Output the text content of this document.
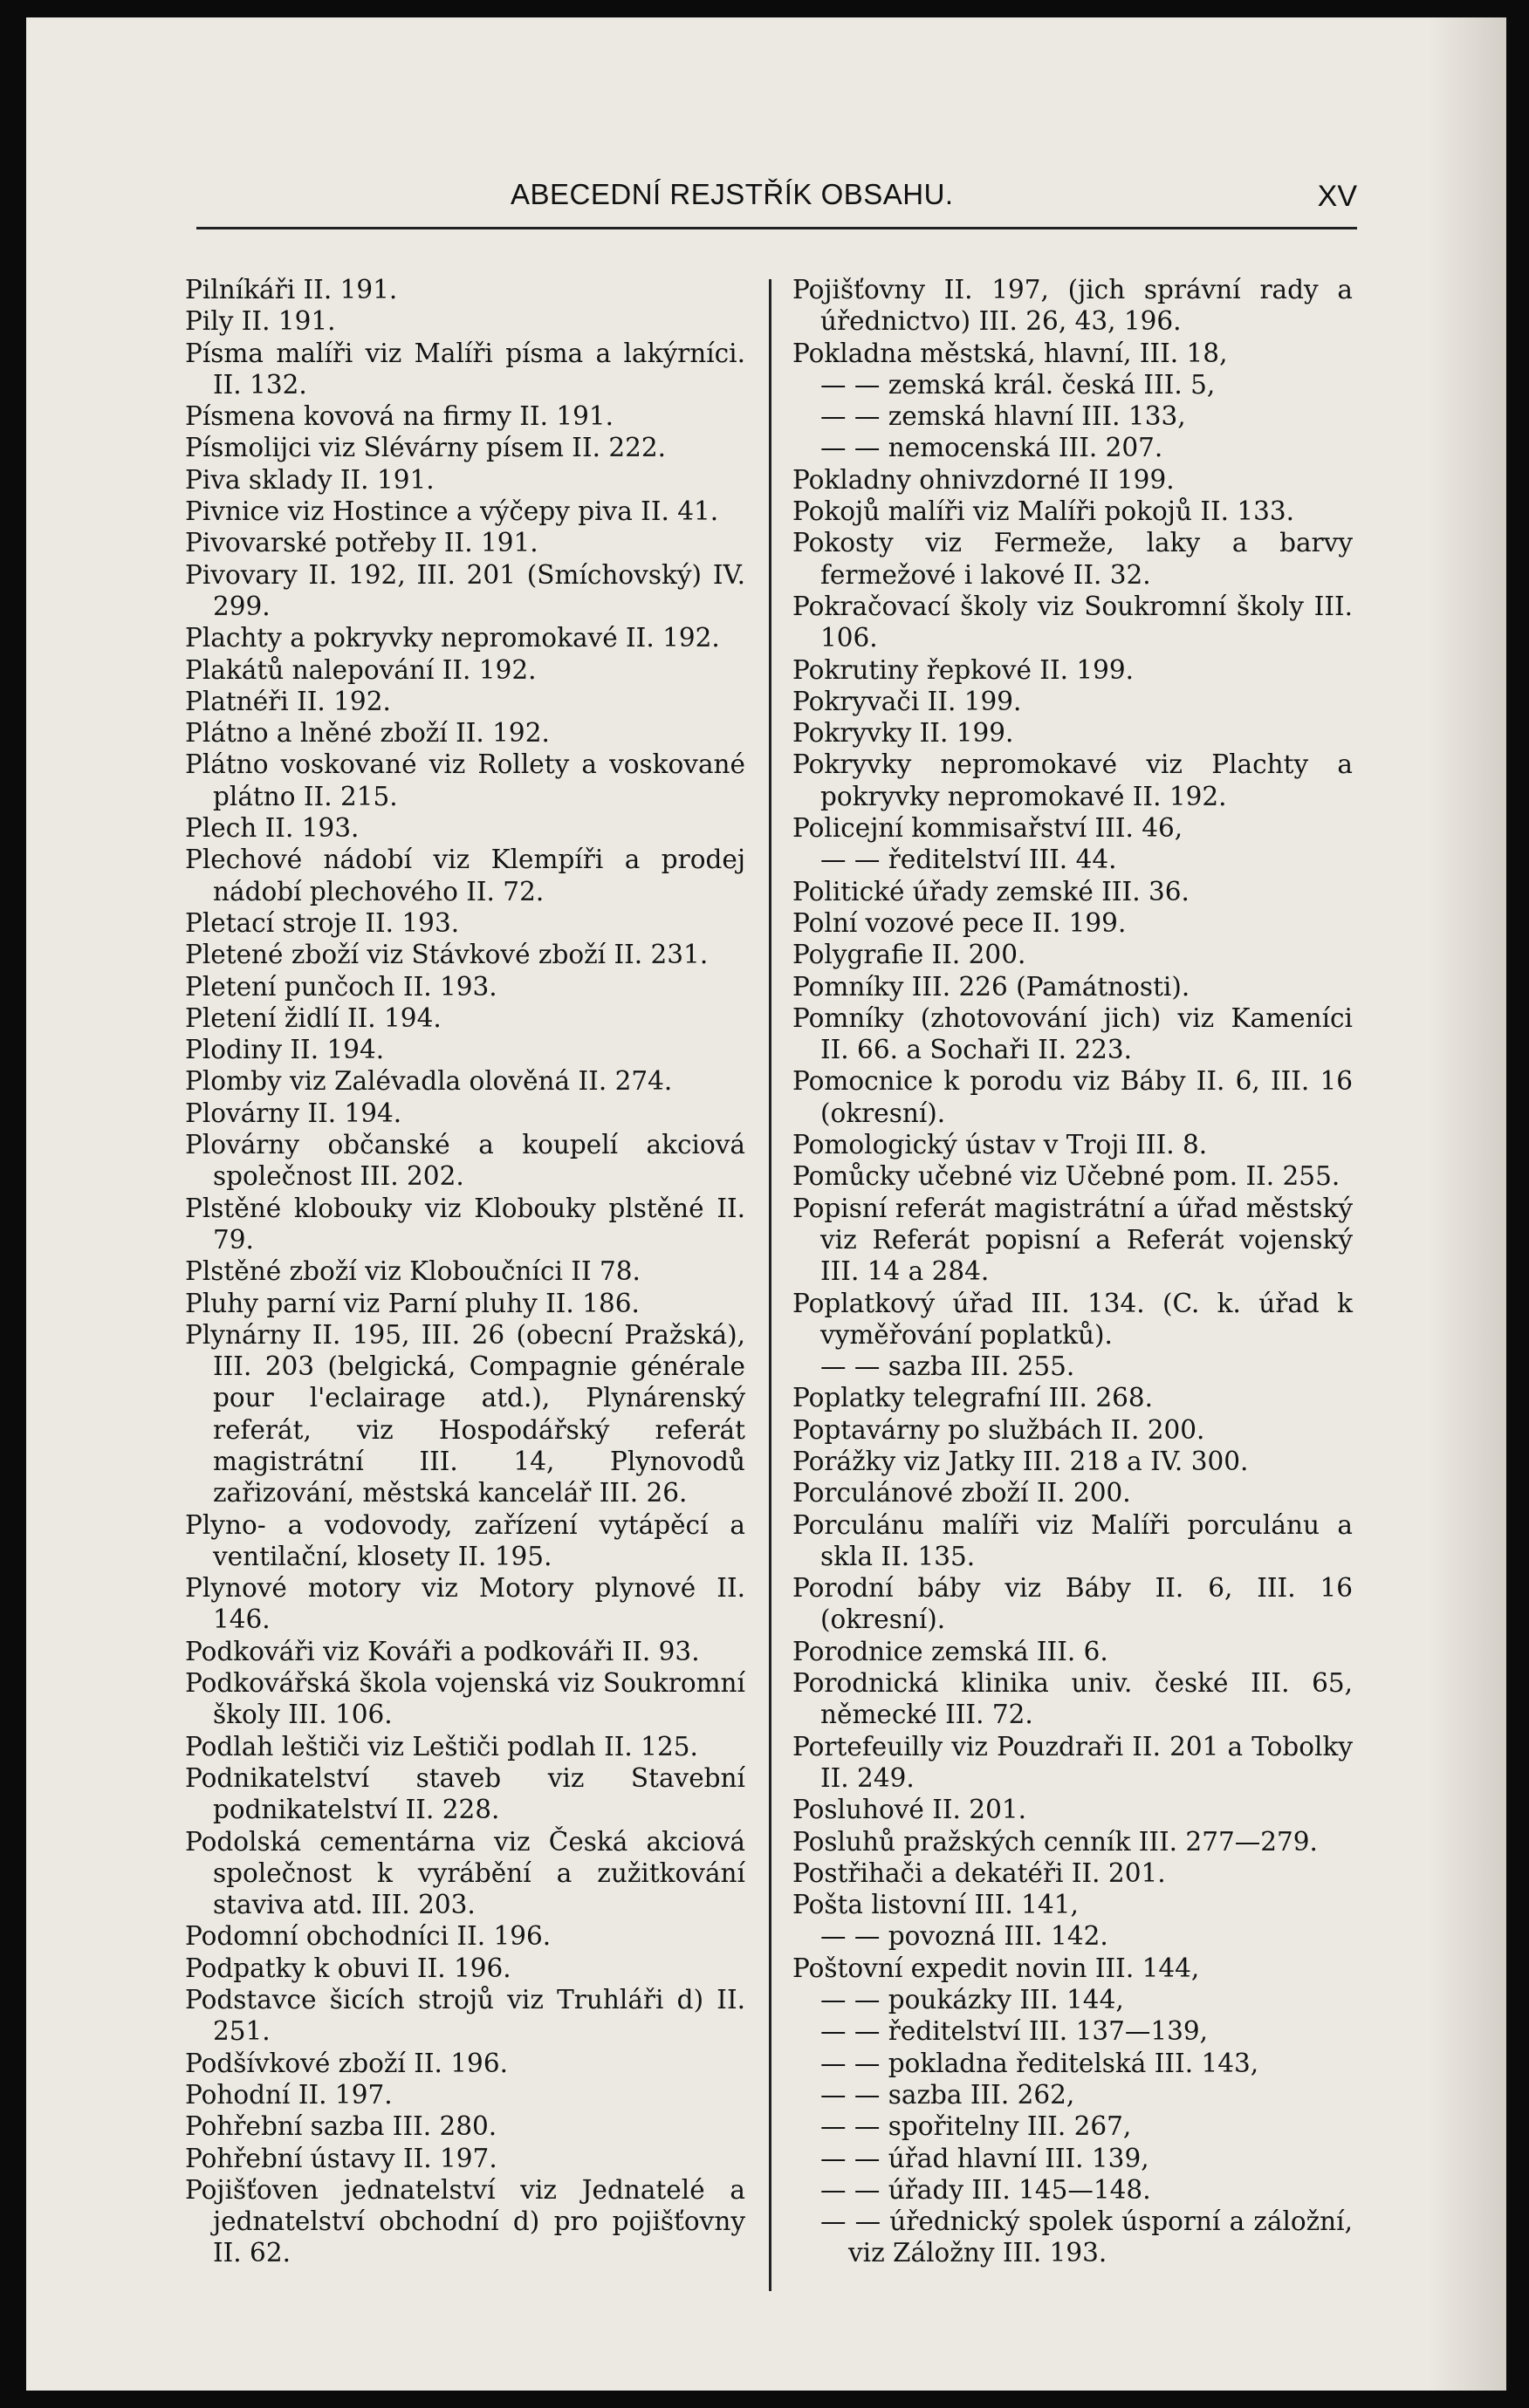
ABECEDNÍ REJSTŘÍK OBSAHU.	XV
Pilníkáři II. 191.
Pily II. 191.
Písma malíři viz Malíři písma a lakýrníci. II. 132.
Písmena kovová na firmy II. 191.
Písmolijci viz Slévárny písem II. 222.
Piva sklady II. 191.
Pivnice viz Hostince a výčepy piva II. 41.
Pivovarské potřeby II. 191.
Pivovary II. 192, III. 201 (Smíchovský) IV. 299.
Plachty a pokryvky nepromokavé II. 192.
Plakátů nalepování II. 192.
Platnéři II. 192.
Plátno a lněné zboží II. 192.
Plátno voskované viz Rollety a voskované plátno II. 215.
Plech II. 193.
Plechové nádobí viz Klempíři a prodej nádobí plechového II. 72.
Pletací stroje II. 193.
Pletené zboží viz Stávkové zboží II. 231.
Pletení punčoch II. 193.
Pletení židlí II. 194.
Plodiny II. 194.
Plomby viz Zalévadla olověná II. 274.
Plovárny II. 194.
Plovárny občanské a koupelí akciová společnost III. 202.
Plstěné klobouky viz Klobouky plstěné II. 79.
Plstěné zboží viz Kloboučníci II 78.
Pluhy parní viz Parní pluhy II. 186.
Plynárny II. 195, III. 26 (obecní Pražská), III. 203 (belgická, Compagnie générale pour l'eclairage atd.), Plynárenský referát, viz Hospodářský referát magistrátní III. 14, Plynovodů zařizování, městská kancelář III. 26.
Plyno- a vodovody, zařízení vytápěcí a ventilační, klosety II. 195.
Plynové motory viz Motory plynové II. 146.
Podkováři viz Kováři a podkováři II. 93.
Podkovářská škola vojenská viz Soukromní školy III. 106.
Podlah leštiči viz Leštiči podlah II. 125.
Podnikatelství staveb viz Stavební podnikatelství II. 228.
Podolská cementárna viz Česká akciová společnost k vyrábění a zužitkování staviva atd. III. 203.
Podomní obchodníci II. 196.
Podpatky k obuvi II. 196.
Podstavce šicích strojů viz Truhláři d) II. 251.
Podšívkové zboží II. 196.
Pohodní II. 197.
Pohřební sazba III. 280.
Pohřební ústavy II. 197.
Pojišťoven jednatelství viz Jednatelé a jednatelství obchodní d) pro pojišťovny II. 62.
Pojišťovny II. 197, (jich správní rady a úřednictvo) III. 26, 43, 196.
Pokladna městská, hlavní, III. 18,
— — zemská král. česká III. 5,
— — zemská hlavní III. 133,
— — nemocenská III. 207.
Pokladny ohnivzdorné II 199.
Pokojů malíři viz Malíři pokojů II. 133.
Pokosty viz Fermeže, laky a barvy fermežové i lakové II. 32.
Pokračovací školy viz Soukromní školy III. 106.
Pokrutiny řepkové II. 199.
Pokryvači II. 199.
Pokryvky II. 199.
Pokryvky nepromokavé viz Plachty a pokryvky nepromokavé II. 192.
Policejní kommisařství III. 46,
— — ředitelství III. 44.
Politické úřady zemské III. 36.
Polní vozové pece II. 199.
Polygrafie II. 200.
Pomníky III. 226 (Památnosti).
Pomníky (zhotovování jich) viz Kameníci II. 66. a Sochaři II. 223.
Pomocnice k porodu viz Báby II. 6, III. 16 (okresní).
Pomologický ústav v Troji III. 8.
Pomůcky učebné viz Učebné pom. II. 255.
Popisní referát magistrátní a úřad městský viz Referát popisní a Referát vojenský III. 14 a 284.
Poplatkový úřad III. 134. (C. k. úřad k vyměřování poplatků).
— — sazba III. 255.
Poplatky telegrafní III. 268.
Poptavárny po službách II. 200.
Porážky viz Jatky III. 218 a IV. 300.
Porculánové zboží II. 200.
Porculánu malíři viz Malíři porculánu a skla II. 135.
Porodní báby viz Báby II. 6, III. 16 (okresní).
Porodnice zemská III. 6.
Porodnická klinika univ. české III. 65, německé III. 72.
Portefeuilly viz Pouzdraři II. 201 a Tobolky II. 249.
Posluhové II. 201.
Posluhů pražských cenník III. 277—279.
Postřihači a dekatéři II. 201.
Pošta listovní III. 141,
— — povozná III. 142.
Poštovní expedit novin III. 144,
— — poukázky III. 144,
— — ředitelství III. 137—139,
— — pokladna ředitelská III. 143,
— — sazba III. 262,
— — spořitelny III. 267,
— — úřad hlavní III. 139,
— — úřady III. 145—148.
— — úřednický spolek úsporní a záložní, viz Záložny III. 193.
